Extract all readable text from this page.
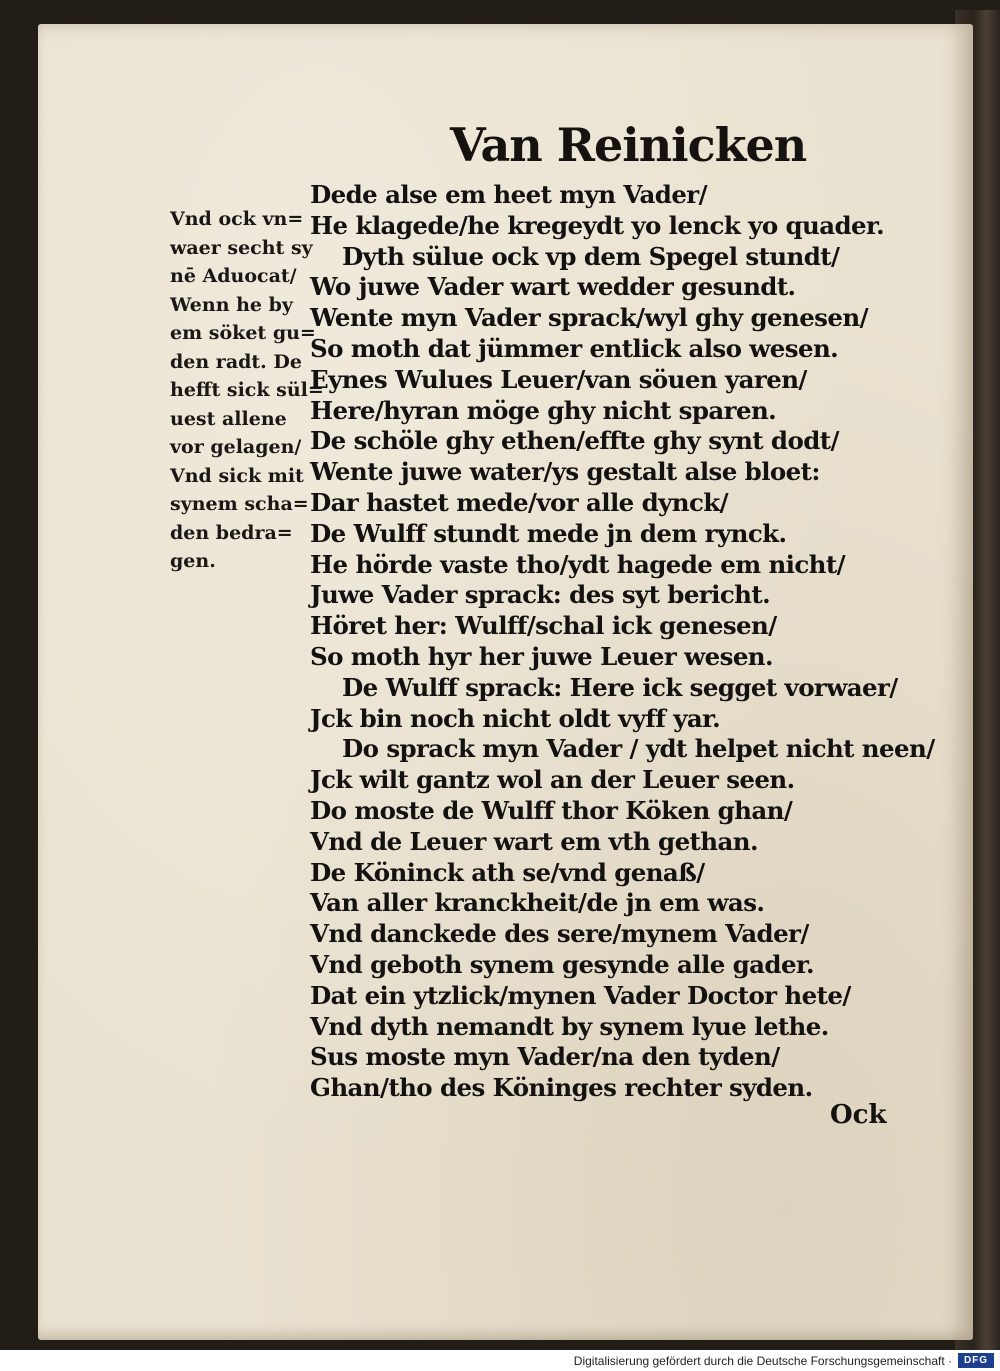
Van Reinicken
Vnd ock vn=
waer secht sy
nē Aduocat/
Wenn he by
em söket gu=
den radt. De
hefft sick sül=
uest allene
vor gelagen/
Vnd sick mit
synem scha=
den bedra=
gen.
Dede alse em heet myn Vader/
He klagede/he kregeydt yo lenck yo quader.
Dyth sülue ock vp dem Spegel stundt/
Wo juwe Vader wart wedder gesundt.
Wente myn Vader sprack/wyl ghy genesen/
So moth dat jümmer entlick also wesen.
Eynes Wulues Leuer/van söuen yaren/
Here/hyran möge ghy nicht sparen.
De schöle ghy ethen/effte ghy synt dodt/
Wente juwe water/ys gestalt alse bloet:
Dar hastet mede/vor alle dynck/
De Wulff stundt mede jn dem rynck.
He hörde vaste tho/ydt hagede em nicht/
Juwe Vader sprack: des syt bericht.
Höret her: Wulff/schal ick genesen/
So moth hyr her juwe Leuer wesen.
De Wulff sprack: Here ick segget vorwaer/
Jck bin noch nicht oldt vyff yar.
Do sprack myn Vader / ydt helpet nicht neen/
Jck wilt gantz wol an der Leuer seen.
Do moste de Wulff thor Köken ghan/
Vnd de Leuer wart em vth gethan.
De Köninck ath se/vnd genaß/
Van aller kranckheit/de jn em was.
Vnd danckede des sere/mynem Vader/
Vnd geboth synem gesynde alle gader.
Dat ein ytzlick/mynen Vader Doctor hete/
Vnd dyth nemandt by synem lyue lethe.
Sus moste myn Vader/na den tyden/
Ghan/tho des Köninges rechter syden.
Ock
Digitalisierung gefördert durch die Deutsche Forschungsgemeinschaft ·	DFG
